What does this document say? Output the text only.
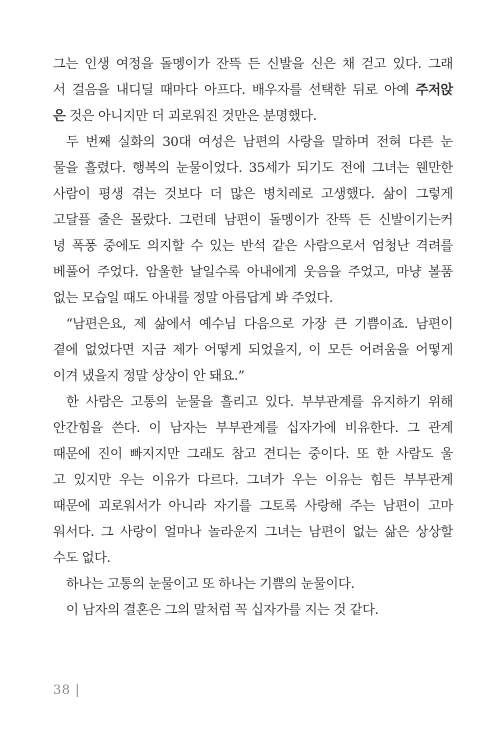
그는 인생 여정을 돌멩이가 잔뜩 든 신발을 신은 채 걷고 있다. 그래
서 걸음을 내디딜 때마다 아프다. 배우자를 선택한 뒤로 아예 주저앉
은 것은 아니지만 더 괴로워진 것만은 분명했다.
두 번째 실화의 30대 여성은 남편의 사랑을 말하며 전혀 다른 눈
물을 흘렸다. 행복의 눈물이었다. 35세가 되기도 전에 그녀는 웬만한
사람이 평생 겪는 것보다 더 많은 병치레로 고생했다. 삶이 그렇게
고달플 줄은 몰랐다. 그런데 남편이 돌멩이가 잔뜩 든 신발이기는커
녕 폭풍 중에도 의지할 수 있는 반석 같은 사람으로서 엄청난 격려를
베풀어 주었다. 암울한 날일수록 아내에게 웃음을 주었고, 마냥 볼품
없는 모습일 때도 아내를 정말 아름답게 봐 주었다.
“남편은요, 제 삶에서 예수님 다음으로 가장 큰 기쁨이죠. 남편이
곁에 없었다면 지금 제가 어떻게 되었을지, 이 모든 어려움을 어떻게
이겨 냈을지 정말 상상이 안 돼요.”
한 사람은 고통의 눈물을 흘리고 있다. 부부관계를 유지하기 위해
안간힘을 쓴다. 이 남자는 부부관계를 십자가에 비유한다. 그 관계
때문에 진이 빠지지만 그래도 참고 견디는 중이다. 또 한 사람도 울
고 있지만 우는 이유가 다르다. 그녀가 우는 이유는 힘든 부부관계
때문에 괴로워서가 아니라 자기를 그토록 사랑해 주는 남편이 고마
워서다. 그 사랑이 얼마나 놀라운지 그녀는 남편이 없는 삶은 상상할
수도 없다.
하나는 고통의 눈물이고 또 하나는 기쁨의 눈물이다.
이 남자의 결혼은 그의 말처럼 꼭 십자가를 지는 것 같다.
38 |
